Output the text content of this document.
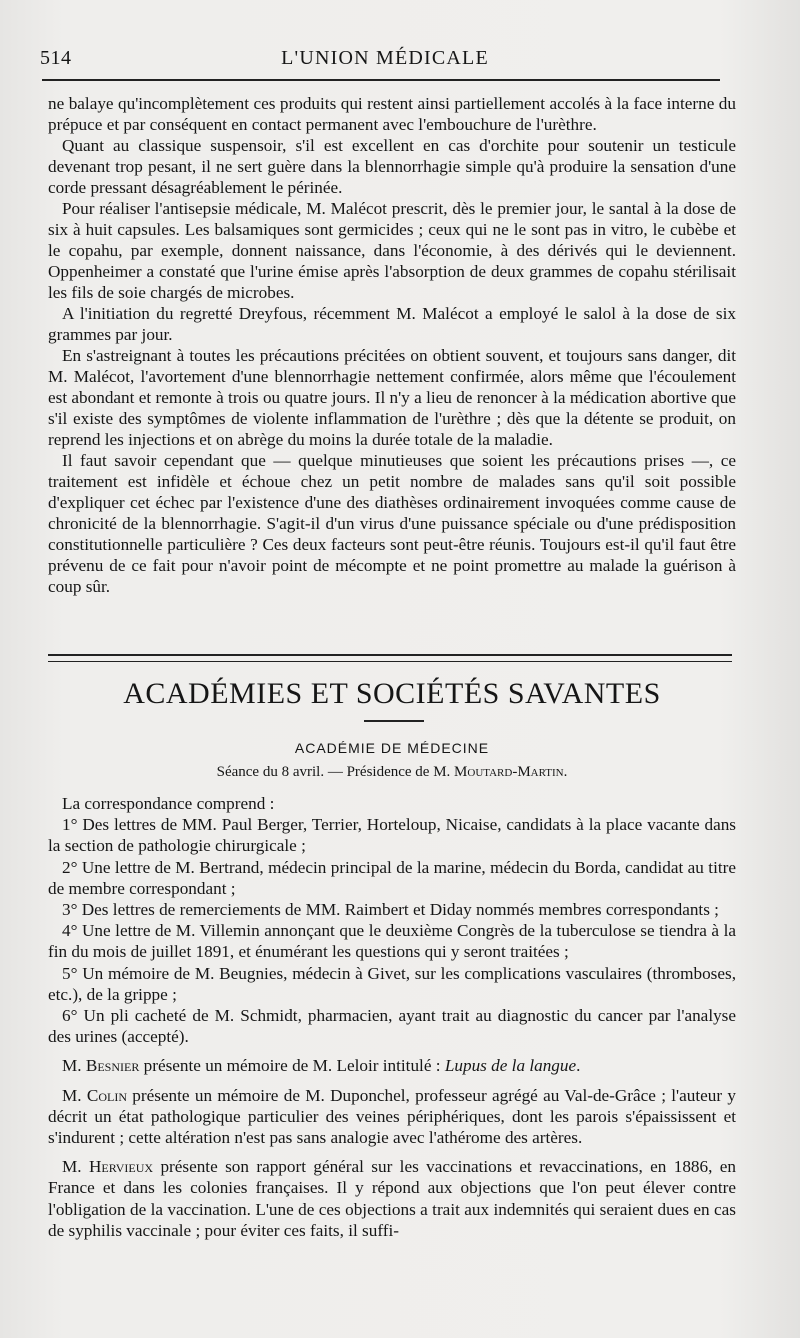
514	L'UNION MÉDICALE

ne balaye qu'incomplètement ces produits qui restent ainsi partiellement accolés à la face interne du prépuce et par conséquent en contact permanent avec l'embouchure de l'urèthre.

Quant au classique suspensoir, s'il est excellent en cas d'orchite pour soutenir un testicule devenant trop pesant, il ne sert guère dans la blennorrhagie simple qu'à produire la sensation d'une corde pressant désagréablement le périnée.

Pour réaliser l'antisepsie médicale, M. Malécot prescrit, dès le premier jour, le santal à la dose de six à huit capsules. Les balsamiques sont germicides ; ceux qui ne le sont pas in vitro, le cubèbe et le copahu, par exemple, donnent naissance, dans l'économie, à des dérivés qui le deviennent. Oppenheimer a constaté que l'urine émise après l'absorption de deux grammes de copahu stérilisait les fils de soie chargés de microbes.

A l'initiation du regretté Dreyfous, récemment M. Malécot a employé le salol à la dose de six grammes par jour.

En s'astreignant à toutes les précautions précitées on obtient souvent, et toujours sans danger, dit M. Malécot, l'avortement d'une blennorrhagie nettement confirmée, alors même que l'écoulement est abondant et remonte à trois ou quatre jours. Il n'y a lieu de renoncer à la médication abortive que s'il existe des symptômes de violente inflammation de l'urèthre ; dès que la détente se produit, on reprend les injections et on abrège du moins la durée totale de la maladie.

Il faut savoir cependant que — quelque minutieuses que soient les précautions prises —, ce traitement est infidèle et échoue chez un petit nombre de malades sans qu'il soit possible d'expliquer cet échec par l'existence d'une des diathèses ordinairement invoquées comme cause de chronicité de la blennorrhagie. S'agit-il d'un virus d'une puissance spéciale ou d'une prédisposition constitutionnelle particulière ? Ces deux facteurs sont peut-être réunis. Toujours est-il qu'il faut être prévenu de ce fait pour n'avoir point de mécompte et ne point promettre au malade la guérison à coup sûr.

ACADÉMIES ET SOCIÉTÉS SAVANTES
ACADÉMIE DE MÉDECINE
Séance du 8 avril. — Présidence de M. Moutard-Martin.

La correspondance comprend :

1° Des lettres de MM. Paul Berger, Terrier, Horteloup, Nicaise, candidats à la place vacante dans la section de pathologie chirurgicale ;

2° Une lettre de M. Bertrand, médecin principal de la marine, médecin du Borda, candidat au titre de membre correspondant ;

3° Des lettres de remerciements de MM. Raimbert et Diday nommés membres correspondants ;

4° Une lettre de M. Villemin annonçant que le deuxième Congrès de la tuberculose se tiendra à la fin du mois de juillet 1891, et énumérant les questions qui y seront traitées ;

5° Un mémoire de M. Beugnies, médecin à Givet, sur les complications vasculaires (thromboses, etc.), de la grippe ;

6° Un pli cacheté de M. Schmidt, pharmacien, ayant trait au diagnostic du cancer par l'analyse des urines (accepté).

M. Besnier présente un mémoire de M. Leloir intitulé : Lupus de la langue.

M. Colin présente un mémoire de M. Duponchel, professeur agrégé au Val-de-Grâce ; l'auteur y décrit un état pathologique particulier des veines périphériques, dont les parois s'épaississent et s'indurent ; cette altération n'est pas sans analogie avec l'athérome des artères.

M. Hervieux présente son rapport général sur les vaccinations et revaccinations, en 1886, en France et dans les colonies françaises. Il y répond aux objections que l'on peut élever contre l'obligation de la vaccination. L'une de ces objections a trait aux indemnités qui seraient dues en cas de syphilis vaccinale ; pour éviter ces faits, il suffi-
